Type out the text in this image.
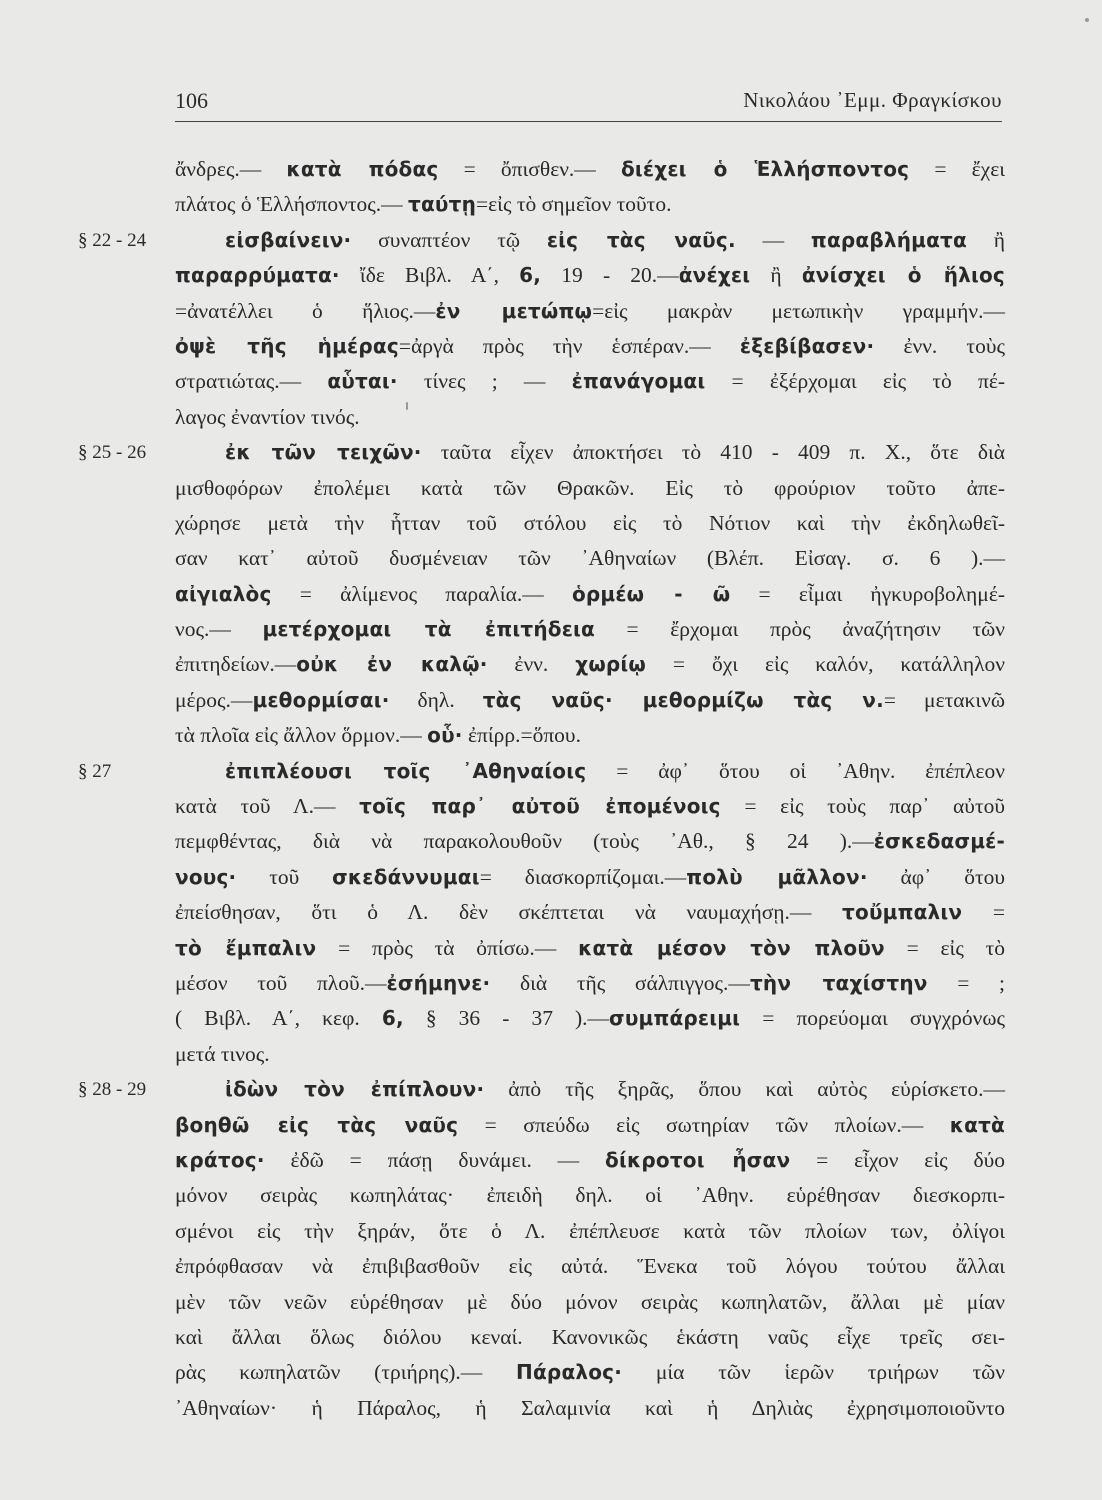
106	Νικολάου ᾿Εμμ. Φραγκίσκου
ἄνδρες.— κατὰ πόδας = ὄπισθεν.— διέχει ὁ Ἑλλήσποντος = ἔχει
πλάτος ὁ Ἑλλήσποντος.— ταύτῃ=εἰς τὸ σημεῖον τοῦτο.
§ 22 - 24	εἰσβαίνειν· συναπτέον τῷ εἰς τὰς ναῦς. — παραβλήματα ἢ
παραρρύματα· ἴδε Βιβλ. Α΄, 6, 19 - 20.—ἀνέχει ἢ ἀνίσχει ὁ ἥλιος
=ἀνατέλλει ὁ ἥλιος.—ἐν μετώπῳ=εἰς μακρὰν μετωπικὴν γραμμήν.—
ὀψὲ τῆς ἡμέρας=ἀργὰ πρὸς τὴν ἑσπέραν.— ἐξεβίβασεν· ἐνν. τοὺς
στρατιώτας.— αὗται· τίνες ; — ἐπανάγομαι = ἐξέρχομαι εἰς τὸ πέ-
λαγος ἐναντίον τινός.
§ 25 - 26	ἐκ τῶν τειχῶν· ταῦτα εἶχεν ἀποκτήσει τὸ 410 - 409 π. Χ., ὅτε διὰ
μισθοφόρων ἐπολέμει κατὰ τῶν Θρακῶν. Εἰς τὸ φρούριον τοῦτο ἀπε-
χώρησε μετὰ τὴν ἧτταν τοῦ στόλου εἰς τὸ Νότιον καὶ τὴν ἐκδηλωθεῖ-
σαν κατ᾽ αὐτοῦ δυσμένειαν τῶν ᾿Αθηναίων (Βλέπ. Εἰσαγ. σ. 6 ).—
αἰγιαλὸς = ἀλίμενος παραλία.— ὁρμέω - ῶ = εἶμαι ἠγκυροβολημέ-
νος.— μετέρχομαι τὰ ἐπιτήδεια = ἔρχομαι πρὸς ἀναζήτησιν τῶν
ἐπιτηδείων.—οὐκ ἐν καλῷ· ἐνν. χωρίῳ = ὄχι εἰς καλόν, κατάλληλον
μέρος.—μεθορμίσαι· δηλ. τὰς ναῦς· μεθορμίζω τὰς ν.= μετακινῶ
τὰ πλοῖα εἰς ἄλλον ὅρμον.— οὗ· ἐπίρρ.=ὅπου.
§ 27	ἐπιπλέουσι τοῖς ᾿Αθηναίοις = ἀφ᾽ ὅτου οἱ ᾿Αθην. ἐπέπλεον
κατὰ τοῦ Λ.— τοῖς παρ᾽ αὐτοῦ ἐπομένοις = εἰς τοὺς παρ᾽ αὐτοῦ
πεμφθέντας, διὰ νὰ παρακολουθοῦν (τοὺς ᾿Αθ., § 24 ).—ἐσκεδασμέ-
νους· τοῦ σκεδάννυμαι= διασκορπίζομαι.—πολὺ μᾶλλον· ἀφ᾽ ὅτου
ἐπείσθησαν, ὅτι ὁ Λ. δὲν σκέπτεται νὰ ναυμαχήσῃ.— τοὔμπαλιν =
τὸ ἔμπαλιν = πρὸς τὰ ὀπίσω.— κατὰ μέσον τὸν πλοῦν = εἰς τὸ
μέσον τοῦ πλοῦ.—ἐσήμηνε· διὰ τῆς σάλπιγγος.—τὴν ταχίστην = ;
( Βιβλ. Α΄, κεφ. 6, § 36 - 37 ).—συμπάρειμι = πορεύομαι συγχρόνως
μετά τινος.
§ 28 - 29	ἰδὼν τὸν ἐπίπλουν· ἀπὸ τῆς ξηρᾶς, ὅπου καὶ αὐτὸς εὑρίσκετο.—
βοηθῶ εἰς τὰς ναῦς = σπεύδω εἰς σωτηρίαν τῶν πλοίων.— κατὰ
κράτος· ἐδῶ = πάσῃ δυνάμει. — δίκροτοι ἦσαν = εἶχον εἰς δύο
μόνον σειρὰς κωπηλάτας· ἐπειδὴ δηλ. οἱ ᾿Αθην. εὑρέθησαν διεσκορπι-
σμένοι εἰς τὴν ξηράν, ὅτε ὁ Λ. ἐπέπλευσε κατὰ τῶν πλοίων των, ὀλίγοι
ἐπρόφθασαν νὰ ἐπιβιβασθοῦν εἰς αὐτά. Ἕνεκα τοῦ λόγου τούτου ἄλλαι
μὲν τῶν νεῶν εὑρέθησαν μὲ δύο μόνον σειρὰς κωπηλατῶν, ἄλλαι μὲ μίαν
καὶ ἄλλαι ὅλως διόλου κεναί. Κανονικῶς ἑκάστη ναῦς εἶχε τρεῖς σει-
ρὰς κωπηλατῶν (τριήρης).— Πάραλος· μία τῶν ἱερῶν τριήρων τῶν
᾿Αθηναίων· ἡ Πάραλος, ἡ Σαλαμινία καὶ ἡ Δηλιὰς ἐχρησιμοποιοῦντο
